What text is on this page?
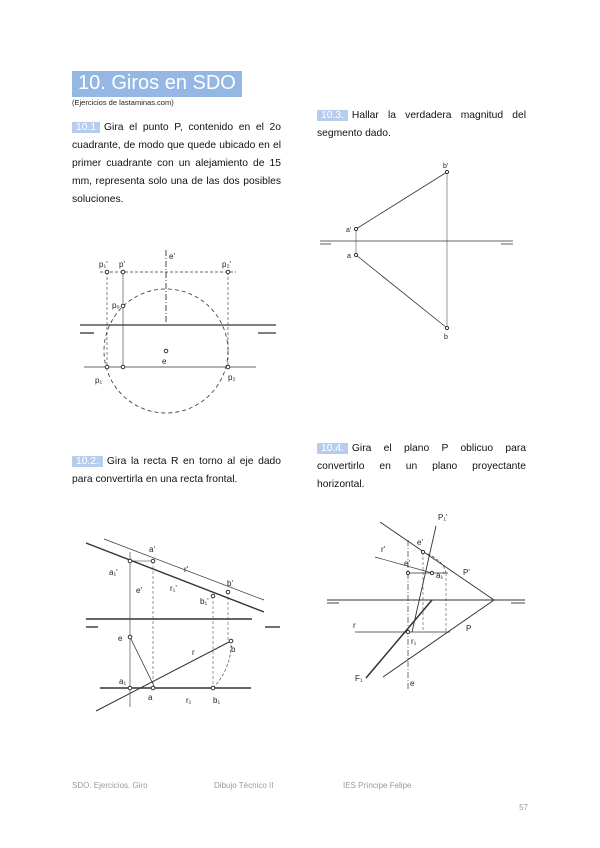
10. Giros en SDO
(Ejercicios de lastaminas.com)
10.1 Gira el punto P, contenido en el 2o cuadrante, de modo que quede ubicado en el primer cuadrante con un alejamiento de 15 mm, representa solo una de las dos posibles soluciones.
10.3. Hallar la verdadera magnitud del segmento dado.
10.2. Gira la recta R en torno al eje dado para convertirla en una recta frontal.
10.4. Gira el plano P oblicuo para convertirlo en un plano proyectante horizontal.
p₁' p'
e'
p₂'
pₒ
e
p₁	p₂
b'
a'
a
b
a'
a₁'	r'
e'	r₁'
b'
b₁'
e
r	b
a₁
a	r₁	b₁
P₁'
e'
r'
e'
a₁' P'
r	P
r₁
F₁
e
SDO. Ejercicios. Giro	Dibujo Técnico II	IES Príncipe Felipe
57
